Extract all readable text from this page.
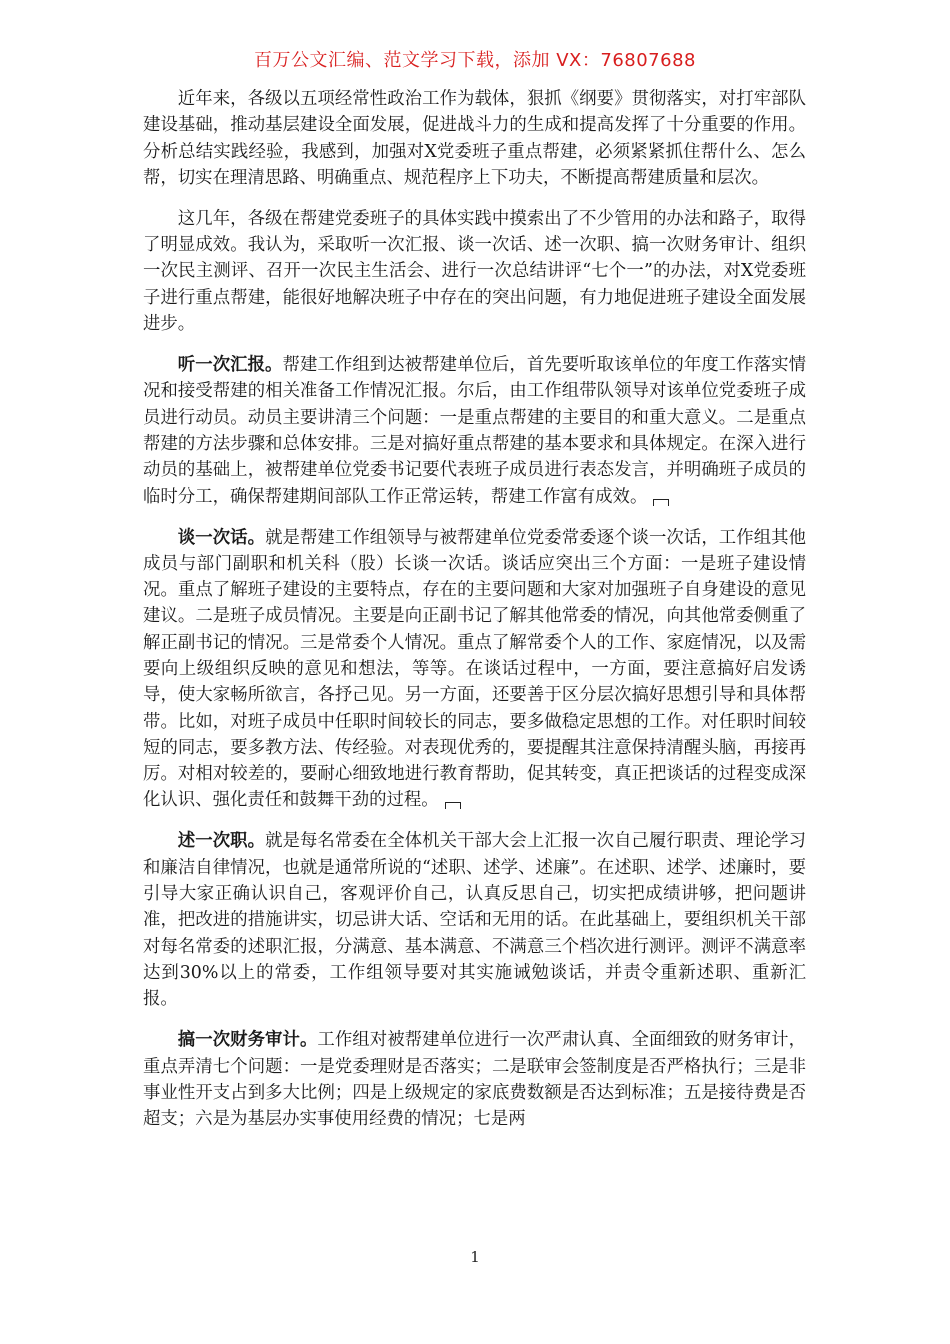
百万公文汇编、范文学习下载，添加 VX：76807688

近年来，各级以五项经常性政治工作为载体，狠抓《纲要》贯彻落实，对打牢部队建设基础，推动基层建设全面发展，促进战斗力的生成和提高发挥了十分重要的作用。分析总结实践经验，我感到，加强对X党委班子重点帮建，必须紧紧抓住帮什么、怎么帮，切实在理清思路、明确重点、规范程序上下功夫，不断提高帮建质量和层次。

这几年，各级在帮建党委班子的具体实践中摸索出了不少管用的办法和路子，取得了明显成效。我认为，采取听一次汇报、谈一次话、述一次职、搞一次财务审计、组织一次民主测评、召开一次民主生活会、进行一次总结讲评“七个一”的办法，对X党委班子进行重点帮建，能很好地解决班子中存在的突出问题，有力地促进班子建设全面发展进步。

听一次汇报。帮建工作组到达被帮建单位后，首先要听取该单位的年度工作落实情况和接受帮建的相关准备工作情况汇报。尔后，由工作组带队领导对该单位党委班子成员进行动员。动员主要讲清三个问题：一是重点帮建的主要目的和重大意义。二是重点帮建的方法步骤和总体安排。三是对搞好重点帮建的基本要求和具体规定。在深入进行动员的基础上，被帮建单位党委书记要代表班子成员进行表态发言，并明确班子成员的临时分工，确保帮建期间部队工作正常运转，帮建工作富有成效。

谈一次话。就是帮建工作组领导与被帮建单位党委常委逐个谈一次话，工作组其他成员与部门副职和机关科（股）长谈一次话。谈话应突出三个方面：一是班子建设情况。重点了解班子建设的主要特点，存在的主要问题和大家对加强班子自身建设的意见建议。二是班子成员情况。主要是向正副书记了解其他常委的情况，向其他常委侧重了解正副书记的情况。三是常委个人情况。重点了解常委个人的工作、家庭情况，以及需要向上级组织反映的意见和想法，等等。在谈话过程中，一方面，要注意搞好启发诱导，使大家畅所欲言，各抒己见。另一方面，还要善于区分层次搞好思想引导和具体帮带。比如，对班子成员中任职时间较长的同志，要多做稳定思想的工作。对任职时间较短的同志，要多教方法、传经验。对表现优秀的，要提醒其注意保持清醒头脑，再接再厉。对相对较差的，要耐心细致地进行教育帮助，促其转变，真正把谈话的过程变成深化认识、强化责任和鼓舞干劲的过程。

述一次职。就是每名常委在全体机关干部大会上汇报一次自己履行职责、理论学习和廉洁自律情况，也就是通常所说的“述职、述学、述廉”。在述职、述学、述廉时，要引导大家正确认识自己，客观评价自己，认真反思自己，切实把成绩讲够，把问题讲准，把改进的措施讲实，切忌讲大话、空话和无用的话。在此基础上，要组织机关干部对每名常委的述职汇报，分满意、基本满意、不满意三个档次进行测评。测评不满意率达到30%以上的常委，工作组领导要对其实施诫勉谈话，并责令重新述职、重新汇报。

搞一次财务审计。工作组对被帮建单位进行一次严肃认真、全面细致的财务审计，重点弄清七个问题：一是党委理财是否落实；二是联审会签制度是否严格执行；三是非事业性开支占到多大比例；四是上级规定的家底费数额是否达到标准；五是接待费是否超支；六是为基层办实事使用经费的情况；七是两

1
